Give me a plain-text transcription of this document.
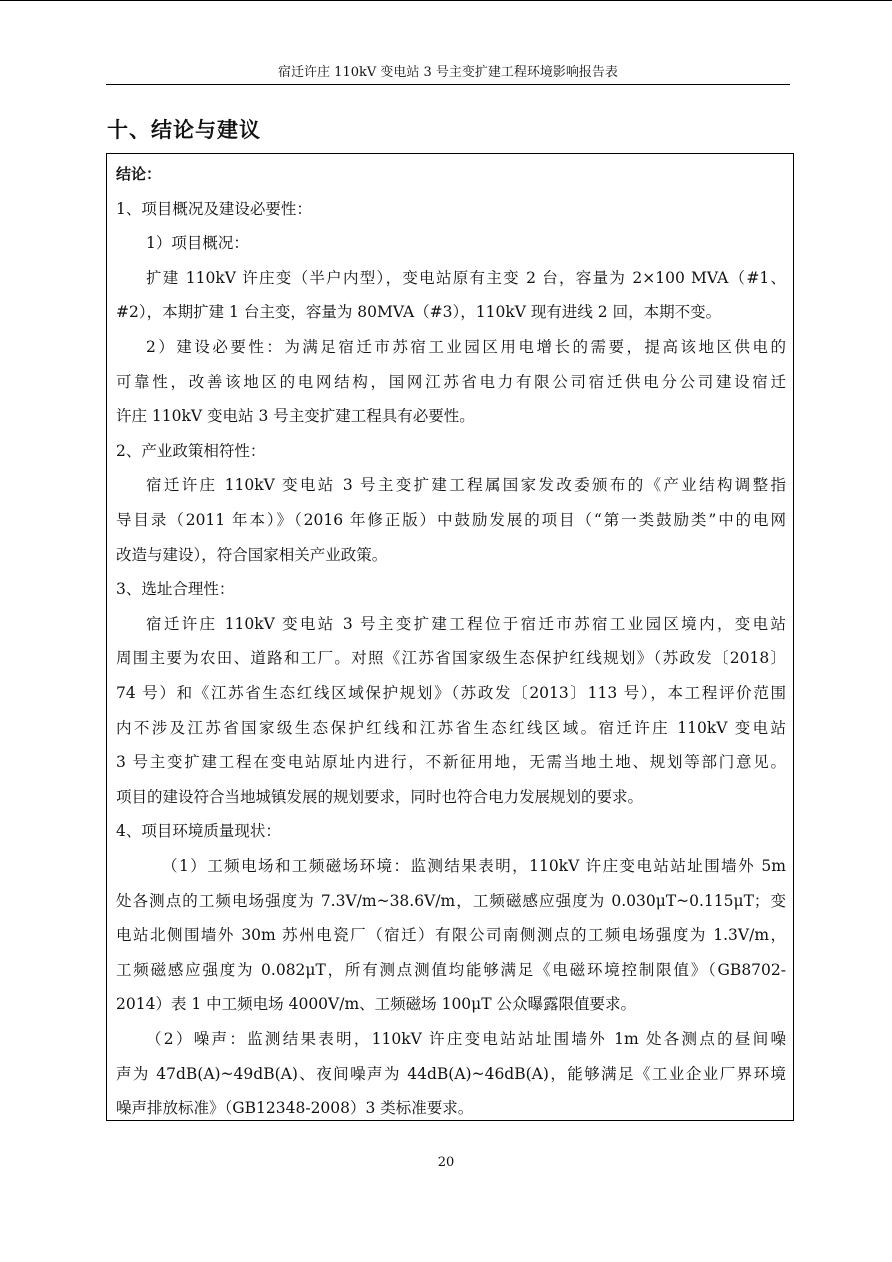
宿迁许庄 110kV 变电站 3 号主变扩建工程环境影响报告表
十、结论与建议
结论：
1、项目概况及建设必要性：
1）项目概况：
扩建 110kV 许庄变（半户内型），变电站原有主变 2 台，容量为 2×100 MVA（#1、
#2），本期扩建 1 台主变，容量为 80MVA（#3），110kV 现有进线 2 回，本期不变。
2）建设必要性：为满足宿迁市苏宿工业园区用电增长的需要，提高该地区供电的
可靠性，改善该地区的电网结构，国网江苏省电力有限公司宿迁供电分公司建设宿迁
许庄 110kV 变电站 3 号主变扩建工程具有必要性。
2、产业政策相符性：
宿迁许庄 110kV 变电站 3 号主变扩建工程属国家发改委颁布的《产业结构调整指
导目录（2011 年本）》（2016 年修正版）中鼓励发展的项目（“第一类鼓励类”中的电网
改造与建设），符合国家相关产业政策。
3、选址合理性：
宿迁许庄 110kV 变电站 3 号主变扩建工程位于宿迁市苏宿工业园区境内，变电站
周围主要为农田、道路和工厂。对照《江苏省国家级生态保护红线规划》（苏政发〔2018〕
74 号）和《江苏省生态红线区域保护规划》（苏政发〔2013〕113 号），本工程评价范围
内不涉及江苏省国家级生态保护红线和江苏省生态红线区域。宿迁许庄 110kV 变电站
3 号主变扩建工程在变电站原址内进行，不新征用地，无需当地土地、规划等部门意见。
项目的建设符合当地城镇发展的规划要求，同时也符合电力发展规划的要求。
4、项目环境质量现状：
（1）工频电场和工频磁场环境：监测结果表明，110kV 许庄变电站站址围墙外 5m
处各测点的工频电场强度为 7.3V/m~38.6V/m，工频磁感应强度为 0.030μT~0.115μT；变
电站北侧围墙外 30m 苏州电瓷厂（宿迁）有限公司南侧测点的工频电场强度为 1.3V/m，
工频磁感应强度为 0.082μT，所有测点测值均能够满足《电磁环境控制限值》（GB8702-
2014）表 1 中工频电场 4000V/m、工频磁场 100μT 公众曝露限值要求。
（2）噪声：监测结果表明，110kV 许庄变电站站址围墙外 1m 处各测点的昼间噪
声为 47dB(A)~49dB(A)、夜间噪声为 44dB(A)~46dB(A)，能够满足《工业企业厂界环境
噪声排放标准》（GB12348-2008）3 类标准要求。
20
